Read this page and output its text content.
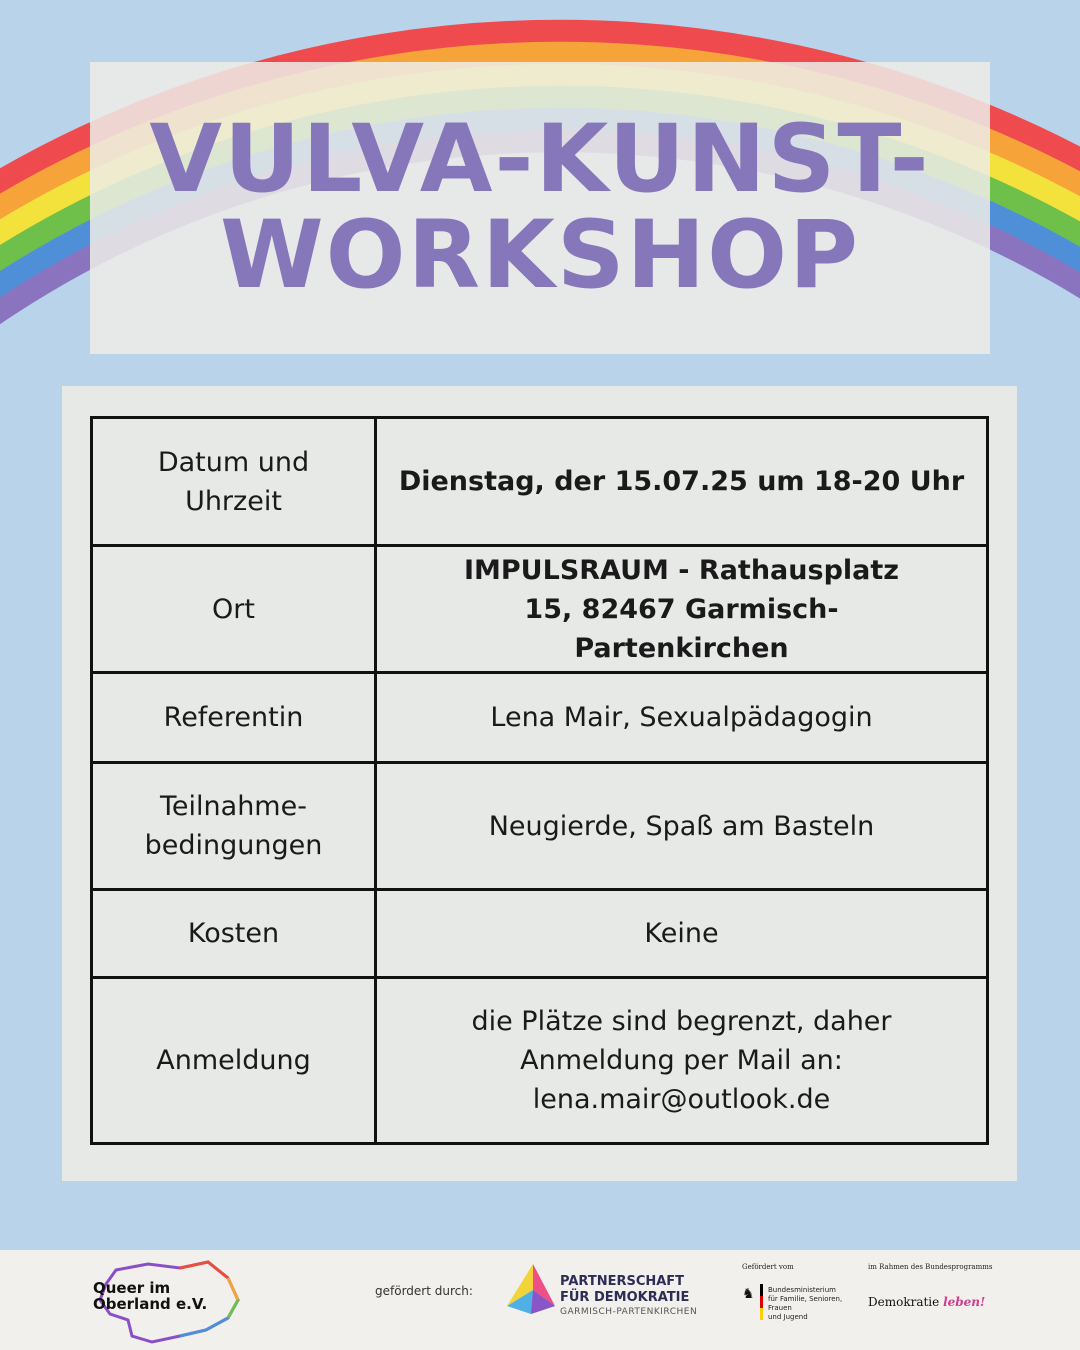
VULVA-KUNST-
WORKSHOP
Datum und Uhrzeit	Dienstag, der 15.07.25 um 18-20 Uhr
Ort	IMPULSRAUM - Rathausplatz 15, 82467 Garmisch-Partenkirchen
Referentin	Lena Mair, Sexualpädagogin
Teilnahme-bedingungen	Neugierde, Spaß am Basteln
Kosten	Keine
Anmeldung	die Plätze sind begrenzt, daher Anmeldung per Mail an: lena.mair@outlook.de
Queer im
Oberland e.V.
gefördert durch:
PARTNERSCHAFT
FÜR DEMOKRATIE
GARMISCH-PARTENKIRCHEN
Gefördert vom
♞ Bundesministerium
für Familie, Senioren, Frauen
und Jugend
im Rahmen des Bundesprogramms
Demokratie leben!
